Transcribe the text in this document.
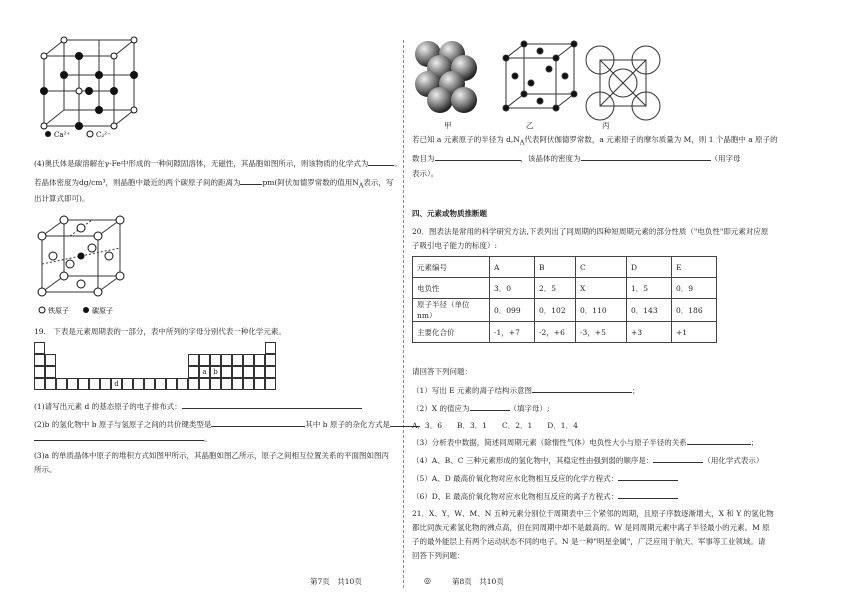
Ca²⁺	C₂²⁻
(4)奥氏体是碳溶解在γ-Fe中形成的一种间隙固溶体，无磁性，其晶胞如图所示，则该物质的化学式为	。
若晶体密度为dg/cm³，则晶胞中最近的两个碳原子间的距离为	pm(阿伏加德罗常数的值用$N_A$表示，写
出计算式即可)。
铁原子	碳原子
19.　下表是元素周期表的一部分，表中所列的字母分别代表一种化学元素。
d
a b
(1)请写出元素 d 的基态原子的电子排布式：
(2)b 的氢化物中 b 原子与氢原子之间的共价键类型是	其中 b 原子的杂化方式是
。
(3)a 的单质晶体中原子的堆积方式如图甲所示，其晶胞如图乙所示，原子之间相互位置关系的平面图如图丙
所示。
第7页　共10页	◎
甲	乙	丙
若已知 a 元素原子的半径为 $d,N_A$代表阿伏伽德罗常数，a 元素原子的摩尔质量为 M，则 1 个晶胞中 a 原子的
数目为	，该晶体的密度为	（用字母
表示）。
四、元素或物质推断题
20．图表法是常用的科学研究方法,下表列出了同周期的四种短周期元素的部分性质（"电负性"即元素对应原
子吸引电子能力的标度）:
元素编号	A	B	C	D	E
电负性	3．0	2．5	X	1．5	0．9
原子半径（单位 nm）	0．099	0．102	0．110	0．143	0．186
主要化合价	-1，+7	-2，+6	-3，+5	+3	+1
请回答下列问题：
（1）写出 E 元素的离子结构示意图	；
（2）X 的值应为	（填字母）;
A．3．6　　B．3．1　　C．2．1　　D．1．4
（3）分析表中数据，简述同周期元素（除惰性气体）电负性大小与原子半径的关系	；
（4）A、B、C 三种元素形成的氢化物中，其稳定性由强到弱的顺序是：	（用化学式表示）
（5）A、D 最高价氧化物对应水化物相互反应的化学方程式：
（6）D、E 最高价氧化物对应水化物相互反应的离子方程式：
21．X、Y、W、M、N 五种元素分别位于周期表中三个紧邻的周期，且原子序数逐渐增大，X 和 Y 的氢化物
都比同族元素氢化物的沸点高，但在同周期中却不是最高的。W 是同周期元素中离子半径最小的元素。M 原
子的最外能层上有两个运动状态不同的电子。N 是一种"明星金属"，广泛应用于航天、军事等工业领域。请
回答下列问题：
第8页　共10页
